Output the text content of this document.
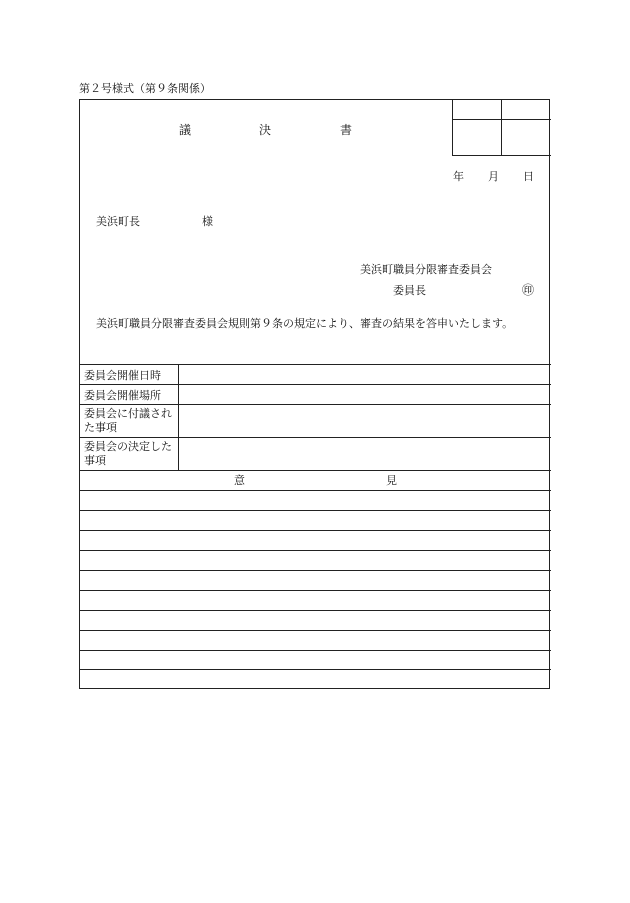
第２号様式（第９条関係）
議	決	書
年 月 日
美浜町長	様
美浜町職員分限審査委員会
委員長	㊞
美浜町職員分限審査委員会規則第９条の規定により、審査の結果を答申いたします。
委員会開催日時
委員会開催場所
委員会に付議された事項
委員会の決定した事項
意	見
